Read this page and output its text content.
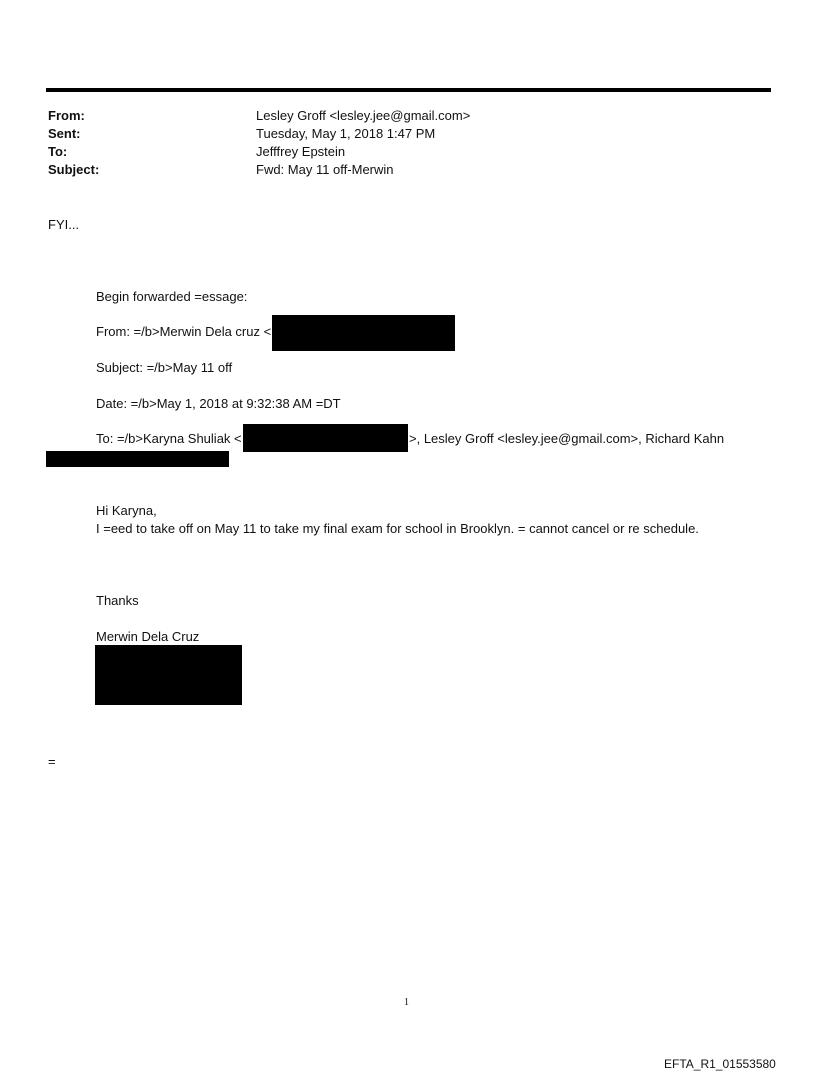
From:	Lesley Groff <lesley.jee@gmail.com>
Sent:	Tuesday, May 1, 2018 1:47 PM
To:	Jefffrey Epstein
Subject:	Fwd: May 11 off-Merwin
FYI...
Begin forwarded =essage:
From: =/b>Merwin Dela cruz <
Subject: =/b>May 11 off
Date: =/b>May 1, 2018 at 9:32:38 AM =DT
To: =/b>Karyna Shuliak <	>, Lesley Groff <lesley.jee@gmail.com>, Richard Kahn
Hi Karyna,
I =eed to take off on May 11 to take my final exam for school in Brooklyn. = cannot cancel or re schedule.
Thanks
Merwin Dela Cruz
=
1
EFTA_R1_01553580
